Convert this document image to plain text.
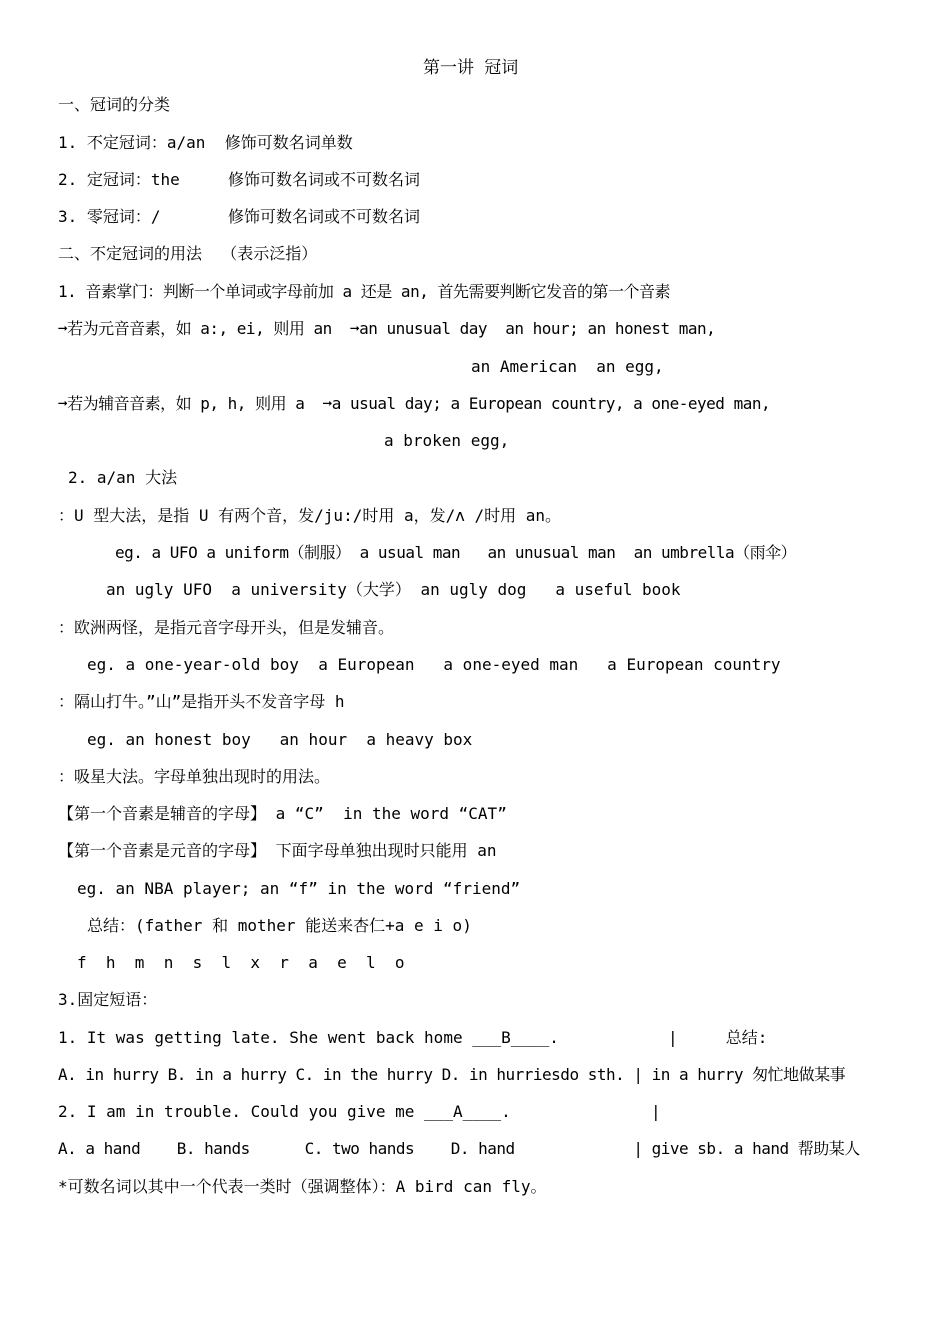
第一讲 冠词
一、冠词的分类
1. 不定冠词：a/an  修饰可数名词单数
2. 定冠词：the     修饰可数名词或不可数名词
3. 零冠词：/       修饰可数名词或不可数名词
二、不定冠词的用法  （表示泛指）
1. 音素掌门：判断一个单词或字母前加 a 还是 an, 首先需要判断它发音的第一个音素
➞若为元音音素，如 a:, ei, 则用 an  ➞an unusual day  an hour; an honest man,
an American  an egg,
➞若为辅音音素，如 p, h, 则用 a  ➞a usual day; a European country, a one-eyed man,
a broken egg,
2. a/an 大法
：U 型大法，是指 U 有两个音，发/ju:/时用 a，发/ʌ /时用 an。
eg. a UFO a uniform（制服） a usual man   an unusual man  an umbrella（雨伞）
an ugly UFO  a university（大学） an ugly dog   a useful book
：欧洲两怪，是指元音字母开头，但是发辅音。
eg. a one-year-old boy  a European   a one-eyed man   a European country
：隔山打牛。”山”是指开头不发音字母 h
eg. an honest boy   an hour  a heavy box
：吸星大法。字母单独出现时的用法。
【第一个音素是辅音的字母】 a “C”  in the word “CAT”
【第一个音素是元音的字母】 下面字母单独出现时只能用 an
eg. an NBA player; an “f” in the word “friend”
总结：(father 和 mother 能送来杏仁+a e i o)
f  h  m  n  s  l  x  r  a  e  l  o
3.固定短语：
1. It was getting late. She went back home ___B____.	|     总结:
A. in hurry B. in a hurry C. in the hurry D. in hurriesdo sth. | in a hurry 匆忙地做某事
2. I am in trouble. Could you give me ___A____.	|
A. a hand    B. hands      C. two hands    D. hand             | give sb. a hand 帮助某人
*可数名词以其中一个代表一类时（强调整体）：A bird can fly。
